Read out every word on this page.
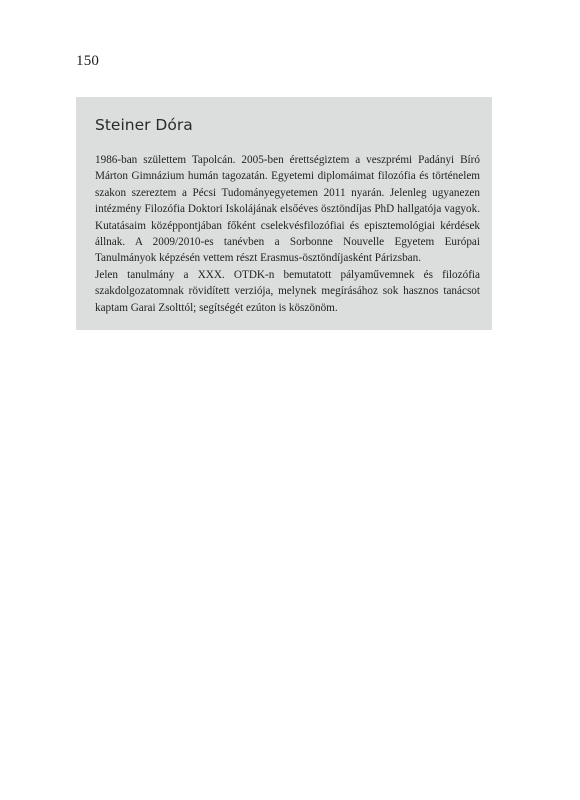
150
Steiner Dóra

1986-ban születtem Tapolcán. 2005-ben érettségiztem a veszprémi Padányi Bíró Márton Gimnázium humán tagozatán. Egyetemi diplomáimat filozófia és történelem szakon szereztem a Pécsi Tudományegyetemen 2011 nyarán. Jelenleg ugyanezen intézmény Filozófia Doktori Iskolájának elsőéves ösztöndíjas PhD hallgatója vagyok. Kutatásaim középpontjában főként cselekvésfilozófiai és episztemológiai kérdések állnak. A 2009/2010-es tanévben a Sorbonne Nouvelle Egyetem Európai Tanulmányok képzésén vettem részt Erasmus-ösztöndíjasként Párizsban.

Jelen tanulmány a XXX. OTDK-n bemutatott pályaművemnek és filozófia szakdolgozatomnak rövidített verziója, melynek megírásához sok hasznos tanácsot kaptam Garai Zsolttól; segítségét ezúton is köszönöm.
